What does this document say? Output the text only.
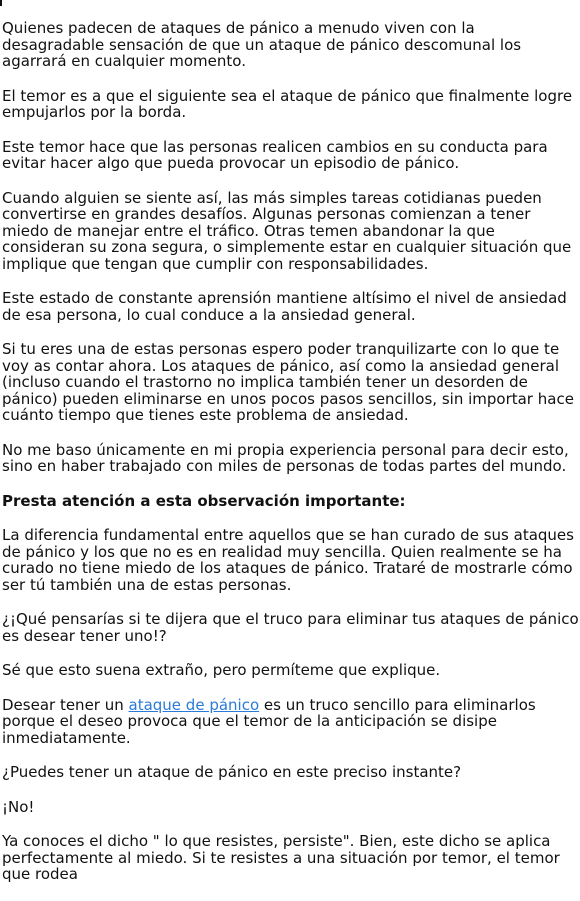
Quienes padecen de ataques de pánico a menudo viven con la desagradable sensación de que un ataque de pánico descomunal los agarrará en cualquier momento.

El temor es a que el siguiente sea el ataque de pánico que finalmente logre empujarlos por la borda.

Este temor hace que las personas realicen cambios en su conducta para evitar hacer algo que pueda provocar un episodio de pánico.

Cuando alguien se siente así, las más simples tareas cotidianas pueden convertirse en grandes desafíos. Algunas personas comienzan a tener miedo de manejar entre el tráfico. Otras temen abandonar la que consideran su zona segura, o simplemente estar en cualquier situación que implique que tengan que cumplir con responsabilidades.

Este estado de constante aprensión mantiene altísimo el nivel de ansiedad de esa persona, lo cual conduce a la ansiedad general.

Si tu eres una de estas personas espero poder tranquilizarte con lo que te voy as contar ahora. Los ataques de pánico, así como la ansiedad general (incluso cuando el trastorno no implica también tener un desorden de pánico) pueden eliminarse en unos pocos pasos sencillos, sin importar hace cuánto tiempo que tienes este problema de ansiedad.

No me baso únicamente en mi propia experiencia personal para decir esto, sino en haber trabajado con miles de personas de todas partes del mundo.

Presta atención a esta observación importante:

La diferencia fundamental entre aquellos que se han curado de sus ataques de pánico y los que no es en realidad muy sencilla. Quien realmente se ha curado no tiene miedo de los ataques de pánico. Trataré de mostrarle cómo ser tú también una de estas personas.

¿¡Qué pensarías si te dijera que el truco para eliminar tus ataques de pánico es desear tener uno!?

Sé que esto suena extraño, pero permíteme que explique.

Desear tener un ataque de pánico es un truco sencillo para eliminarlos porque el deseo provoca que el temor de la anticipación se disipe inmediatamente.

¿Puedes tener un ataque de pánico en este preciso instante?

¡No!

Ya conoces el dicho " lo que resistes, persiste". Bien, este dicho se aplica perfectamente al miedo. Si te resistes a una situación por temor, el temor que rodea
